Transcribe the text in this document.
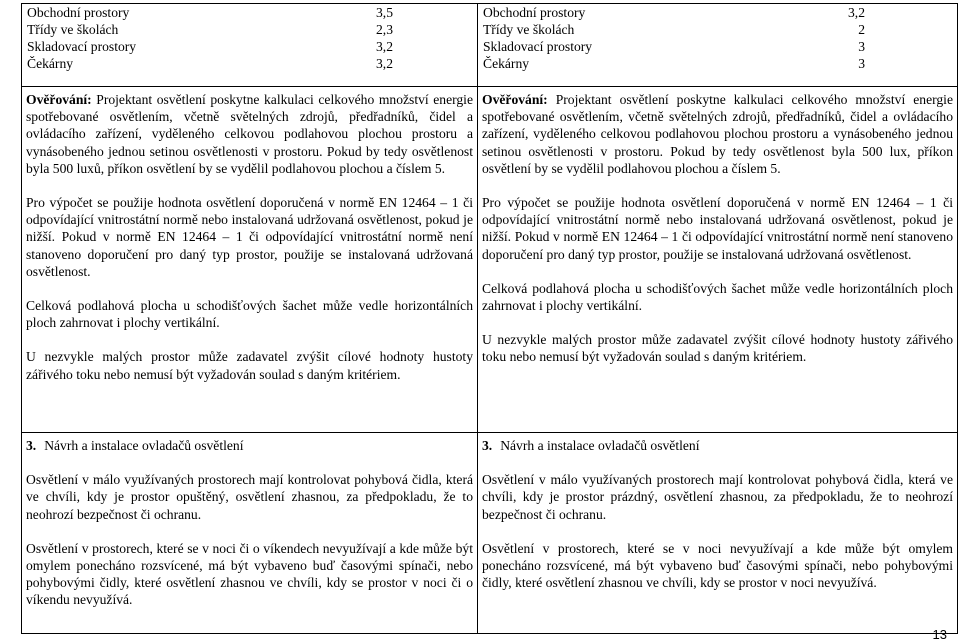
Obchodní prostory	3,5
Třídy ve školách	2,3
Skladovací prostory	3,2
Čekárny	3,2

Ověřování: Projektant osvětlení poskytne kalkulaci celkového množství energie spotřebované osvětlením, včetně světelných zdrojů, předřadníků, čidel a ovládacího zařízení, vyděleného celkovou podlahovou plochou prostoru a vynásobeného jednou setinou osvětlenosti v prostoru. Pokud by tedy osvětlenost byla 500 luxů, příkon osvětlení by se vydělil podlahovou plochou a číslem 5.

Pro výpočet se použije hodnota osvětlení doporučená v normě EN 12464 – 1 či odpovídající vnitrostátní normě nebo instalovaná udržovaná osvětlenost, pokud je nižší. Pokud v normě EN 12464 – 1 či odpovídající vnitrostátní normě není stanoveno doporučení pro daný typ prostor, použije se instalovaná udržovaná osvětlenost.

Celková podlahová plocha u schodišťových šachet může vedle horizontálních ploch zahrnovat i plochy vertikální.

U nezvykle malých prostor může zadavatel zvýšit cílové hodnoty hustoty zářivého toku nebo nemusí být vyžadován soulad s daným kritériem.

3. Návrh a instalace ovladačů osvětlení

Osvětlení v málo využívaných prostorech mají kontrolovat pohybová čidla, která ve chvíli, kdy je prostor opuštěný, osvětlení zhasnou, za předpokladu, že to neohrozí bezpečnost či ochranu.

Osvětlení v prostorech, které se v noci či o víkendech nevyužívají a kde může být omylem ponecháno rozsvícené, má být vybaveno buď časovými spínači, nebo pohybovými čidly, které osvětlení zhasnou ve chvíli, kdy se prostor v noci či o víkendu nevyužívá.

Obchodní prostory	3,2
Třídy ve školách	2
Skladovací prostory	3
Čekárny	3

Ověřování: Projektant osvětlení poskytne kalkulaci celkového množství energie spotřebované osvětlením, včetně světelných zdrojů, předřadníků, čidel a ovládacího zařízení, vyděleného celkovou podlahovou plochou prostoru a vynásobeného jednou setinou osvětlenosti v prostoru. Pokud by tedy osvětlenost byla 500 lux, příkon osvětlení by se vydělil podlahovou plochou a číslem 5.

Pro výpočet se použije hodnota osvětlení doporučená v normě EN 12464 – 1 či odpovídající vnitrostátní normě nebo instalovaná udržovaná osvětlenost, pokud je nižší. Pokud v normě EN 12464 – 1 či odpovídající vnitrostátní normě není stanoveno doporučení pro daný typ prostor, použije se instalovaná udržovaná osvětlenost.

Celková podlahová plocha u schodišťových šachet může vedle horizontálních ploch zahrnovat i plochy vertikální.

U nezvykle malých prostor může zadavatel zvýšit cílové hodnoty hustoty zářivého toku nebo nemusí být vyžadován soulad s daným kritériem.

3. Návrh a instalace ovladačů osvětlení

Osvětlení v málo využívaných prostorech mají kontrolovat pohybová čidla, která ve chvíli, kdy je prostor prázdný, osvětlení zhasnou, za předpokladu, že to neohrozí bezpečnost či ochranu.

Osvětlení v prostorech, které se v noci nevyužívají a kde může být omylem ponecháno rozsvícené, má být vybaveno buď časovými spínači, nebo pohybovými čidly, které osvětlení zhasnou ve chvíli, kdy se prostor v noci nevyužívá.

13
